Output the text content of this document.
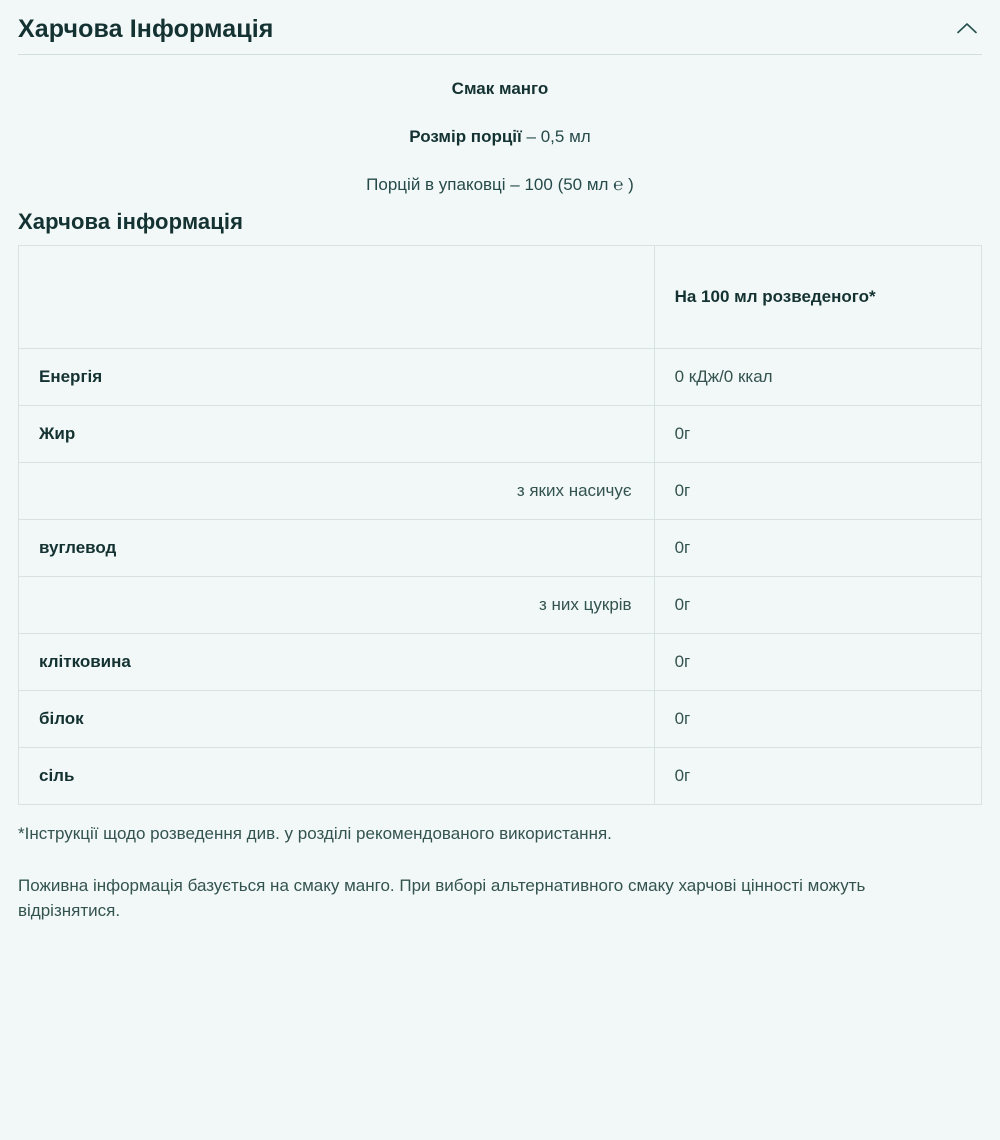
Харчова Інформація
Смак манго
Розмір порції – 0,5 мл
Порцій в упаковці – 100 (50 мл ℮ )
Харчова інформація
	На 100 мл розведеного*
Енергія	0 кДж/0 ккал
Жир	0г
з яких насичує	0г
вуглевод	0г
з них цукрів	0г
клітковина	0г
білок	0г
сіль	0г
*Інструкції щодо розведення див. у розділі рекомендованого використання.
Поживна інформація базується на смаку манго. При виборі альтернативного смаку харчові цінності можуть відрізнятися.
